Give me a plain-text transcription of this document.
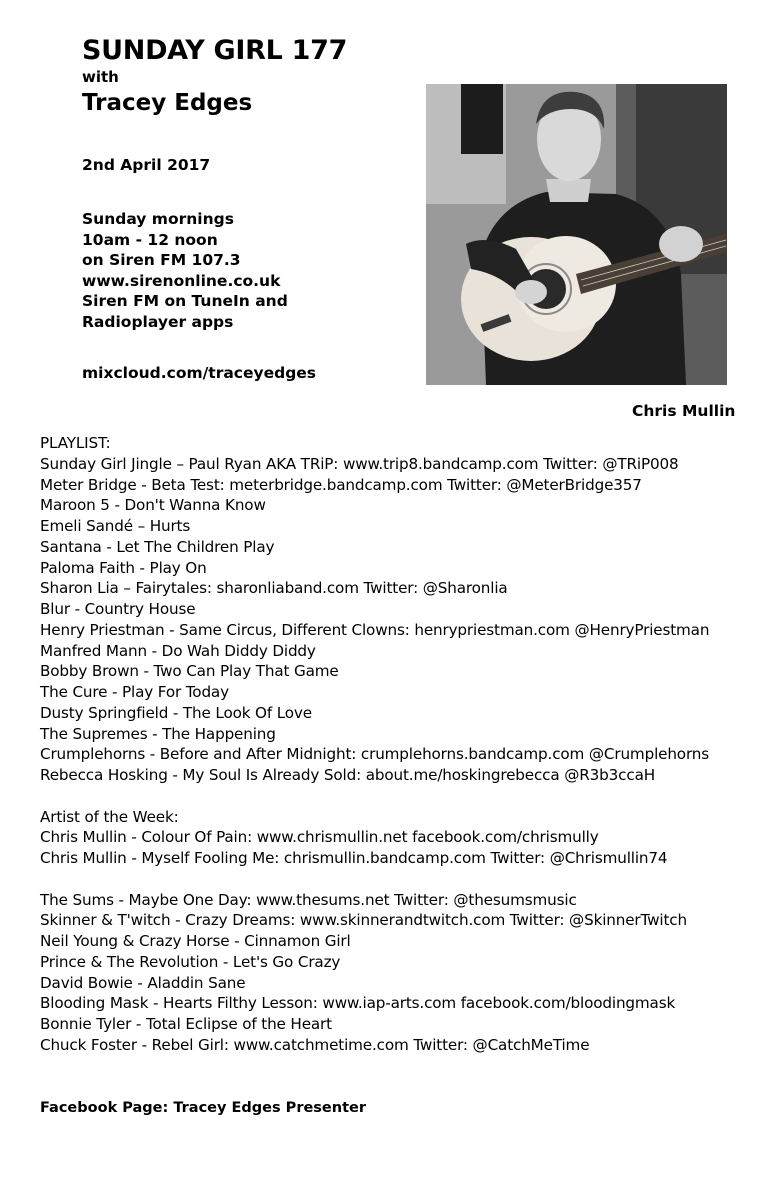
SUNDAY GIRL 177
with
Tracey Edges
2nd April 2017
Sunday mornings
10am - 12 noon
on Siren FM 107.3
www.sirenonline.co.uk
Siren FM on TuneIn and
Radioplayer apps
mixcloud.com/traceyedges
Chris Mullin
PLAYLIST:
Sunday Girl Jingle – Paul Ryan AKA TRiP: www.trip8.bandcamp.com Twitter: @TRiP008
Meter Bridge - Beta Test: meterbridge.bandcamp.com Twitter: @MeterBridge357
Maroon 5 - Don't Wanna Know
Emeli Sandé – Hurts
Santana - Let The Children Play
Paloma Faith - Play On
Sharon Lia – Fairytales: sharonliaband.com Twitter: @Sharonlia
Blur - Country House
Henry Priestman - Same Circus, Different Clowns: henrypriestman.com @HenryPriestman
Manfred Mann - Do Wah Diddy Diddy
Bobby Brown - Two Can Play That Game
The Cure - Play For Today
Dusty Springfield - The Look Of Love
The Supremes - The Happening
Crumplehorns - Before and After Midnight: crumplehorns.bandcamp.com @Crumplehorns
Rebecca Hosking - My Soul Is Already Sold: about.me/hoskingrebecca @R3b3ccaH
Artist of the Week:
Chris Mullin - Colour Of Pain: www.chrismullin.net facebook.com/chrismully
Chris Mullin - Myself Fooling Me: chrismullin.bandcamp.com Twitter: @Chrismullin74
The Sums - Maybe One Day: www.thesums.net Twitter: @thesumsmusic
Skinner & T'witch - Crazy Dreams: www.skinnerandtwitch.com Twitter: @SkinnerTwitch
Neil Young & Crazy Horse - Cinnamon Girl
Prince & The Revolution - Let's Go Crazy
David Bowie - Aladdin Sane
Blooding Mask - Hearts Filthy Lesson: www.iap-arts.com facebook.com/bloodingmask
Bonnie Tyler - Total Eclipse of the Heart
Chuck Foster - Rebel Girl: www.catchmetime.com Twitter: @CatchMeTime
Facebook Page: Tracey Edges Presenter
